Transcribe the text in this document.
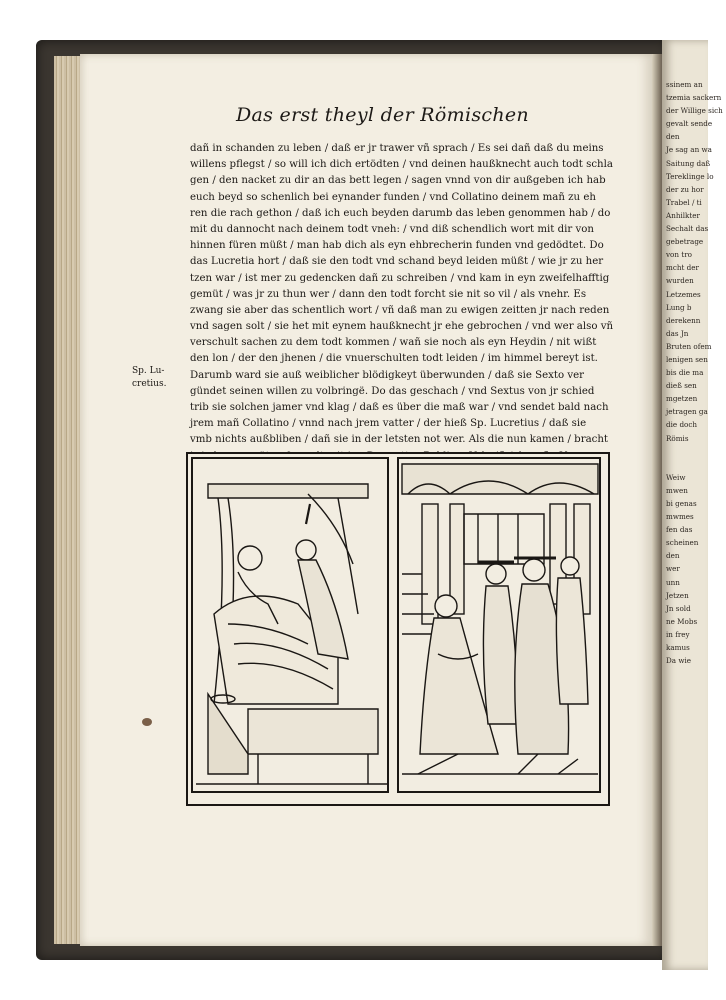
ssinem an
tzemia sackern
der Willige sich
gevalt sende
den
Je sag an wa
Saitung daß
Tereklinge lo
der zu hor
Trabel / ti
Anhilkter
Sechalt das
gebetrage
von tro
mcht der
wurden
Letzemes
Lung b
derekenn
das Jn
Bruten ofem
lenigen sen
bis die ma
dieß sen
mgetzen
jetragen ga
die doch
Römis
Weiw
mwen
bi genas
mwmes
fen das
scheinen
den
wer
unn
Jetzen
Jn sold
ne Mobs
in frey
kamus
Da wie
Das erst theyl der Römischen
dañ in schanden zu leben / daß er jr trawer vñ sprach / Es sei dañ daß du meins
willens pflegst / so will ich dich ertödten / vnd deinen haußknecht auch todt schla
gen / den nacket zu dir an das bett legen / sagen vnnd von dir außgeben ich hab
euch beyd so schenlich bei eynander funden / vnd Collatino deinem mañ zu eh
ren die rach gethon / daß ich euch beyden darumb das leben genommen hab / do
mit du dannocht nach deinem todt vneh: / vnd diß schendlich wort mit dir von
hinnen füren müßt / man hab dich als eyn ehbrecherin funden vnd gedödtet. Do
das Lucretia hort / daß sie den todt vnd schand beyd leiden müßt / wie jr zu her
tzen war / ist mer zu gedencken dañ zu schreiben / vnd kam in eyn zweifelhafftig
gemüt / was jr zu thun wer / dann den todt forcht sie nit so vil / als vnehr. Es
zwang sie aber das schentlich wort / vñ daß man zu ewigen zeitten jr nach reden
vnd sagen solt / sie het mit eynem haußknecht jr ehe gebrochen / vnd wer also vñ
verschult sachen zu dem todt kommen / wañ sie noch als eyn Heydin / nit wißt
den lon / der den jhenen / die vnuerschulten todt leiden / im himmel bereyt ist.
Darumb ward sie auß weiblicher blödigkeyt überwunden / daß sie Sexto ver
gündet seinen willen zu volbringë. Do das geschach / vnd Sextus von jr schied
trib sie solchen jamer vnd klag / daß es über die maß war / vnd sendet bald nach
jrem mañ Collatino / vnnd nach jrem vatter / der hieß Sp. Lucretius / daß sie
vmb nichts außbliben / dañ sie in der letsten not wer. Als die nun kamen / bracht
Sp. Lu-
cretius.
